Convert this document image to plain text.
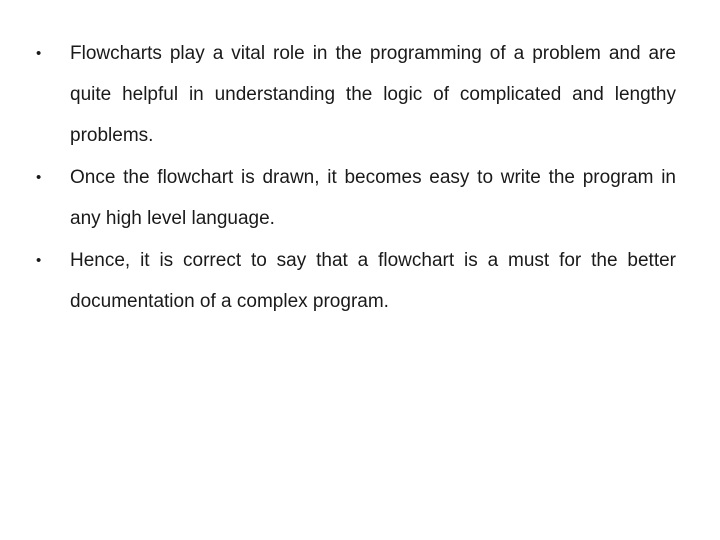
•	Flowcharts play a vital role in the programming of a problem and are quite helpful in understanding the logic of complicated and lengthy problems.
•	Once the flowchart is drawn, it becomes easy to write the program in any high level language.
•	Hence, it is correct to say that a flowchart is a must for the better documentation of a complex program.
